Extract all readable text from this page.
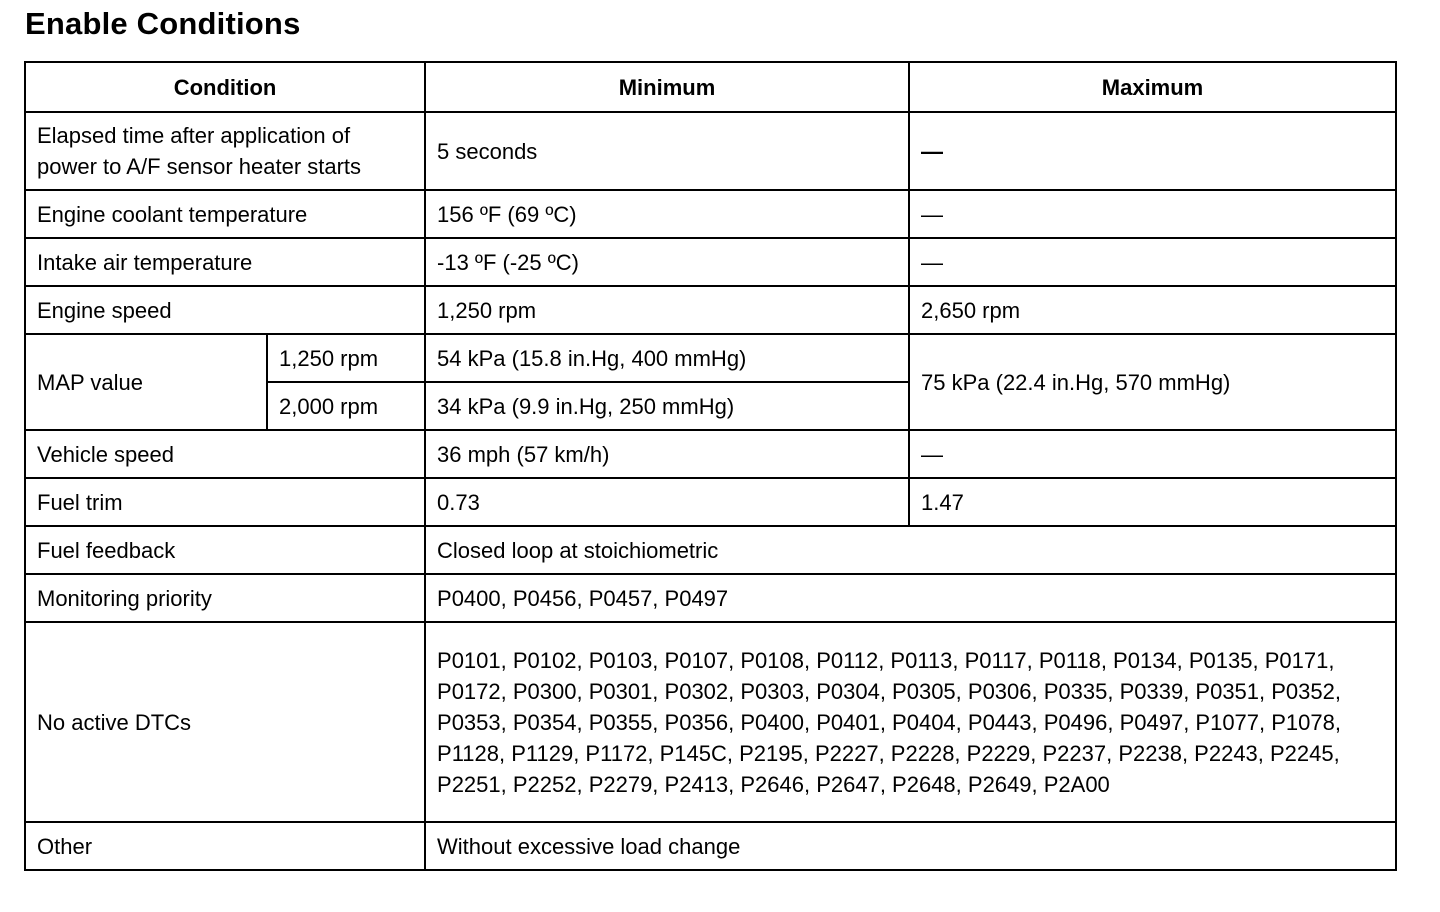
Enable Conditions
Condition		Minimum	Maximum
Elapsed time after application of power to A/F sensor heater starts		5 seconds	—
Engine coolant temperature		156 ºF (69 ºC)	—
Intake air temperature		-13 ºF (-25 ºC)	—
Engine speed		1,250 rpm	2,650 rpm
MAP value	1,250 rpm	54 kPa (15.8 in.Hg, 400 mmHg)	75 kPa (22.4 in.Hg, 570 mmHg)
	2,000 rpm	34 kPa (9.9 in.Hg, 250 mmHg)	
Vehicle speed		36 mph (57 km/h)	—
Fuel trim		0.73	1.47
Fuel feedback		Closed loop at stoichiometric	
Monitoring priority		P0400, P0456, P0457, P0497	
No active DTCs		P0101, P0102, P0103, P0107, P0108, P0112, P0113, P0117, P0118, P0134, P0135, P0171, P0172, P0300, P0301, P0302, P0303, P0304, P0305, P0306, P0335, P0339, P0351, P0352, P0353, P0354, P0355, P0356, P0400, P0401, P0404, P0443, P0496, P0497, P1077, P1078, P1128, P1129, P1172, P145C, P2195, P2227, P2228, P2229, P2237, P2238, P2243, P2245, P2251, P2252, P2279, P2413, P2646, P2647, P2648, P2649, P2A00	
Other		Without excessive load change	
